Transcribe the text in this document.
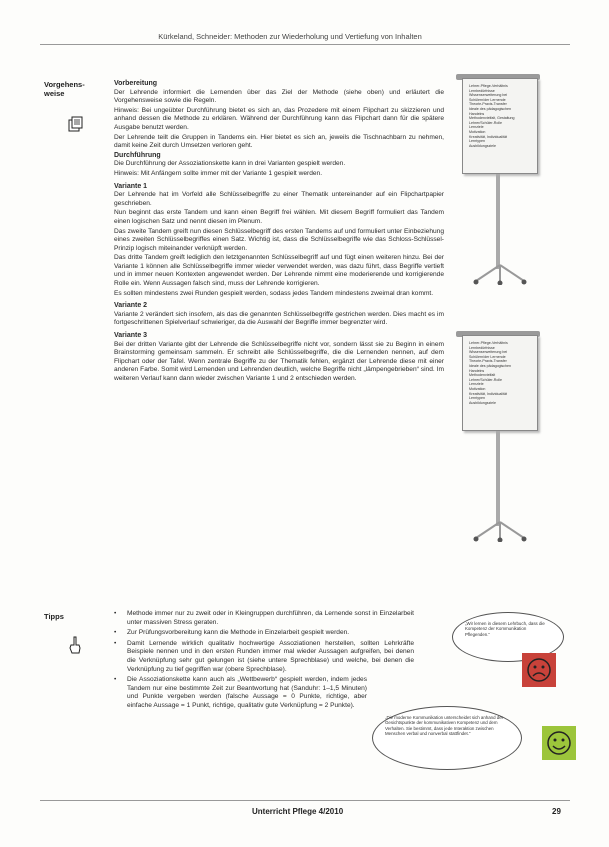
Kürkeland, Schneider: Methoden zur Wiederholung und Vertiefung von Inhalten
Vorgehens-
weise
Vorbereitung

Der Lehrende informiert die Lernenden über das Ziel der Methode (siehe oben) und erläutert die Vorgehensweise sowie die Regeln.

Hinweis: Bei ungeübter Durchführung bietet es sich an, das Prozedere mit einem Flipchart zu skizzieren und anhand dessen die Methode zu erklären. Während der Durchführung kann das Flipchart dann für die spätere Ausgabe benutzt werden.

Der Lehrende teilt die Gruppen in Tandems ein. Hier bietet es sich an, jeweils die Tischnachbarn zu nehmen, damit keine Zeit durch Umsetzen verloren geht.

Durchführung

Die Durchführung der Assoziationskette kann in drei Varianten gespielt werden.

Hinweis: Mit Anfängern sollte immer mit der Variante 1 gespielt werden.

Variante 1

Der Lehrende hat im Vorfeld alle Schlüsselbegriffe zu einer Thematik untereinander auf ein Flipchartpapier geschrieben.

Nun beginnt das erste Tandem und kann einen Begriff frei wählen. Mit diesem Begriff formuliert das Tandem einen logischen Satz und nennt diesen im Plenum.

Das zweite Tandem greift nun diesen Schlüsselbegriff des ersten Tandems auf und formuliert unter Einbeziehung eines zweiten Schlüsselbegriffes einen Satz. Wichtig ist, dass die Schlüsselbegriffe wie das Schloss-Schlüssel-Prinzip logisch miteinander verknüpft werden.

Das dritte Tandem greift lediglich den letztgenannten Schlüsselbegriff auf und fügt einen weiteren hinzu. Bei der Variante 1 können alle Schlüsselbegriffe immer wieder verwendet werden, was dazu führt, dass Begriffe vertieft und in immer neuen Kontexten angewendet werden. Der Lehrende nimmt eine moderierende und korrigierende Rolle ein. Wenn Aussagen falsch sind, muss der Lehrende korrigieren.

Es sollten mindestens zwei Runden gespielt werden, sodass jedes Tandem mindestens zweimal dran kommt.

Variante 2

Variante 2 verändert sich insofern, als das die genannten Schlüsselbegriffe gestrichen werden. Dies macht es im fortgeschrittenen Spielverlauf schwieriger, da die Auswahl der Begriffe immer begrenzter wird.

Variante 3

Bei der dritten Variante gibt der Lehrende die Schlüsselbegriffe nicht vor, sondern lässt sie zu Beginn in einem Brainstorming gemeinsam sammeln. Er schreibt alle Schlüsselbegriffe, die die Lernenden nennen, auf dem Flipchart oder der Tafel. Wenn zentrale Begriffe zu der Thematik fehlen, ergänzt der Lehrende diese mit einer anderen Farbe. Somit wird Lernenden und Lehrenden deutlich, welche Begriffe nicht „lämpengebrieben“ sind. Im weiteren Verlauf kann dann wieder zwischen Variante 1 und 2 entschieden werden.

Lehrer-Pflege-Verhältnis
Lernbedürfnisse
Wissenserweiterung bei
Schülern/der Lernende
Theorie-Praxis-Transfer
Ideale des pädagogischen
Handelns
Methodenvielfalt, Gestaltung
Lehrer/Schüler-Rolle
Lernziele
Motivation
Kreativität, Individualität
Lerntypen
Ausbildungsziele
Lehrer-Pflege-Verhältnis
Lernbedürfnisse
Wissenserweiterung bei
Schülern/der Lernende
Theorie-Praxis-Transfer
Ideale des pädagogischen
Handelns
Methodenvielfalt
Lehrer/Schüler-Rolle
Lernziele
Motivation
Kreativität, Individualität
Lerntypen
Ausbildungsziele
Tipps
•	Methode immer nur zu zweit oder in Kleingruppen durchführen, da Lernende sonst in Einzelarbeit unter massiven Stress geraten.
• Zur Prüfungsvorbereitung kann die Methode in Einzelarbeit gespielt werden.
• Damit Lernende wirklich qualitativ hochwertige Assoziationen herstellen, sollten Lehrkräfte Beispiele nennen und in den ersten Runden immer mal wieder Aussagen aufgreifen, bei denen die Verknüpfung sehr gut gelungen ist (siehe untere Sprechblase) und welche, bei denen die Verknüpfung zu tief gegriffen war (obere Sprechblase).
• Die Assoziationskette kann auch als „Wettbewerb“ gespielt werden, indem jedes Tandem nur eine bestimmte Zeit zur Beantwortung hat (Sanduhr: 1–1,5 Minuten) und Punkte vergeben werden (falsche Aussage = 0 Punkte, richtige, aber einfache Aussage = 1 Punkt, richtige, qualitativ gute Verknüpfung = 2 Punkte).
„Wir lernen in diesem Lehrbuch, dass die Kompetenz der Kommunikation Pflegenden.“
„Die moderne Kommunikation unterscheidet sich anhand der Gesichtspunkte der kommunikativen Kompetenz und dem Verhalten. Sie bestimmt, dass jede Interaktion zwischen Menschen verbal und nonverbal stattfindet.“
Unterricht Pflege 4/2010	29
